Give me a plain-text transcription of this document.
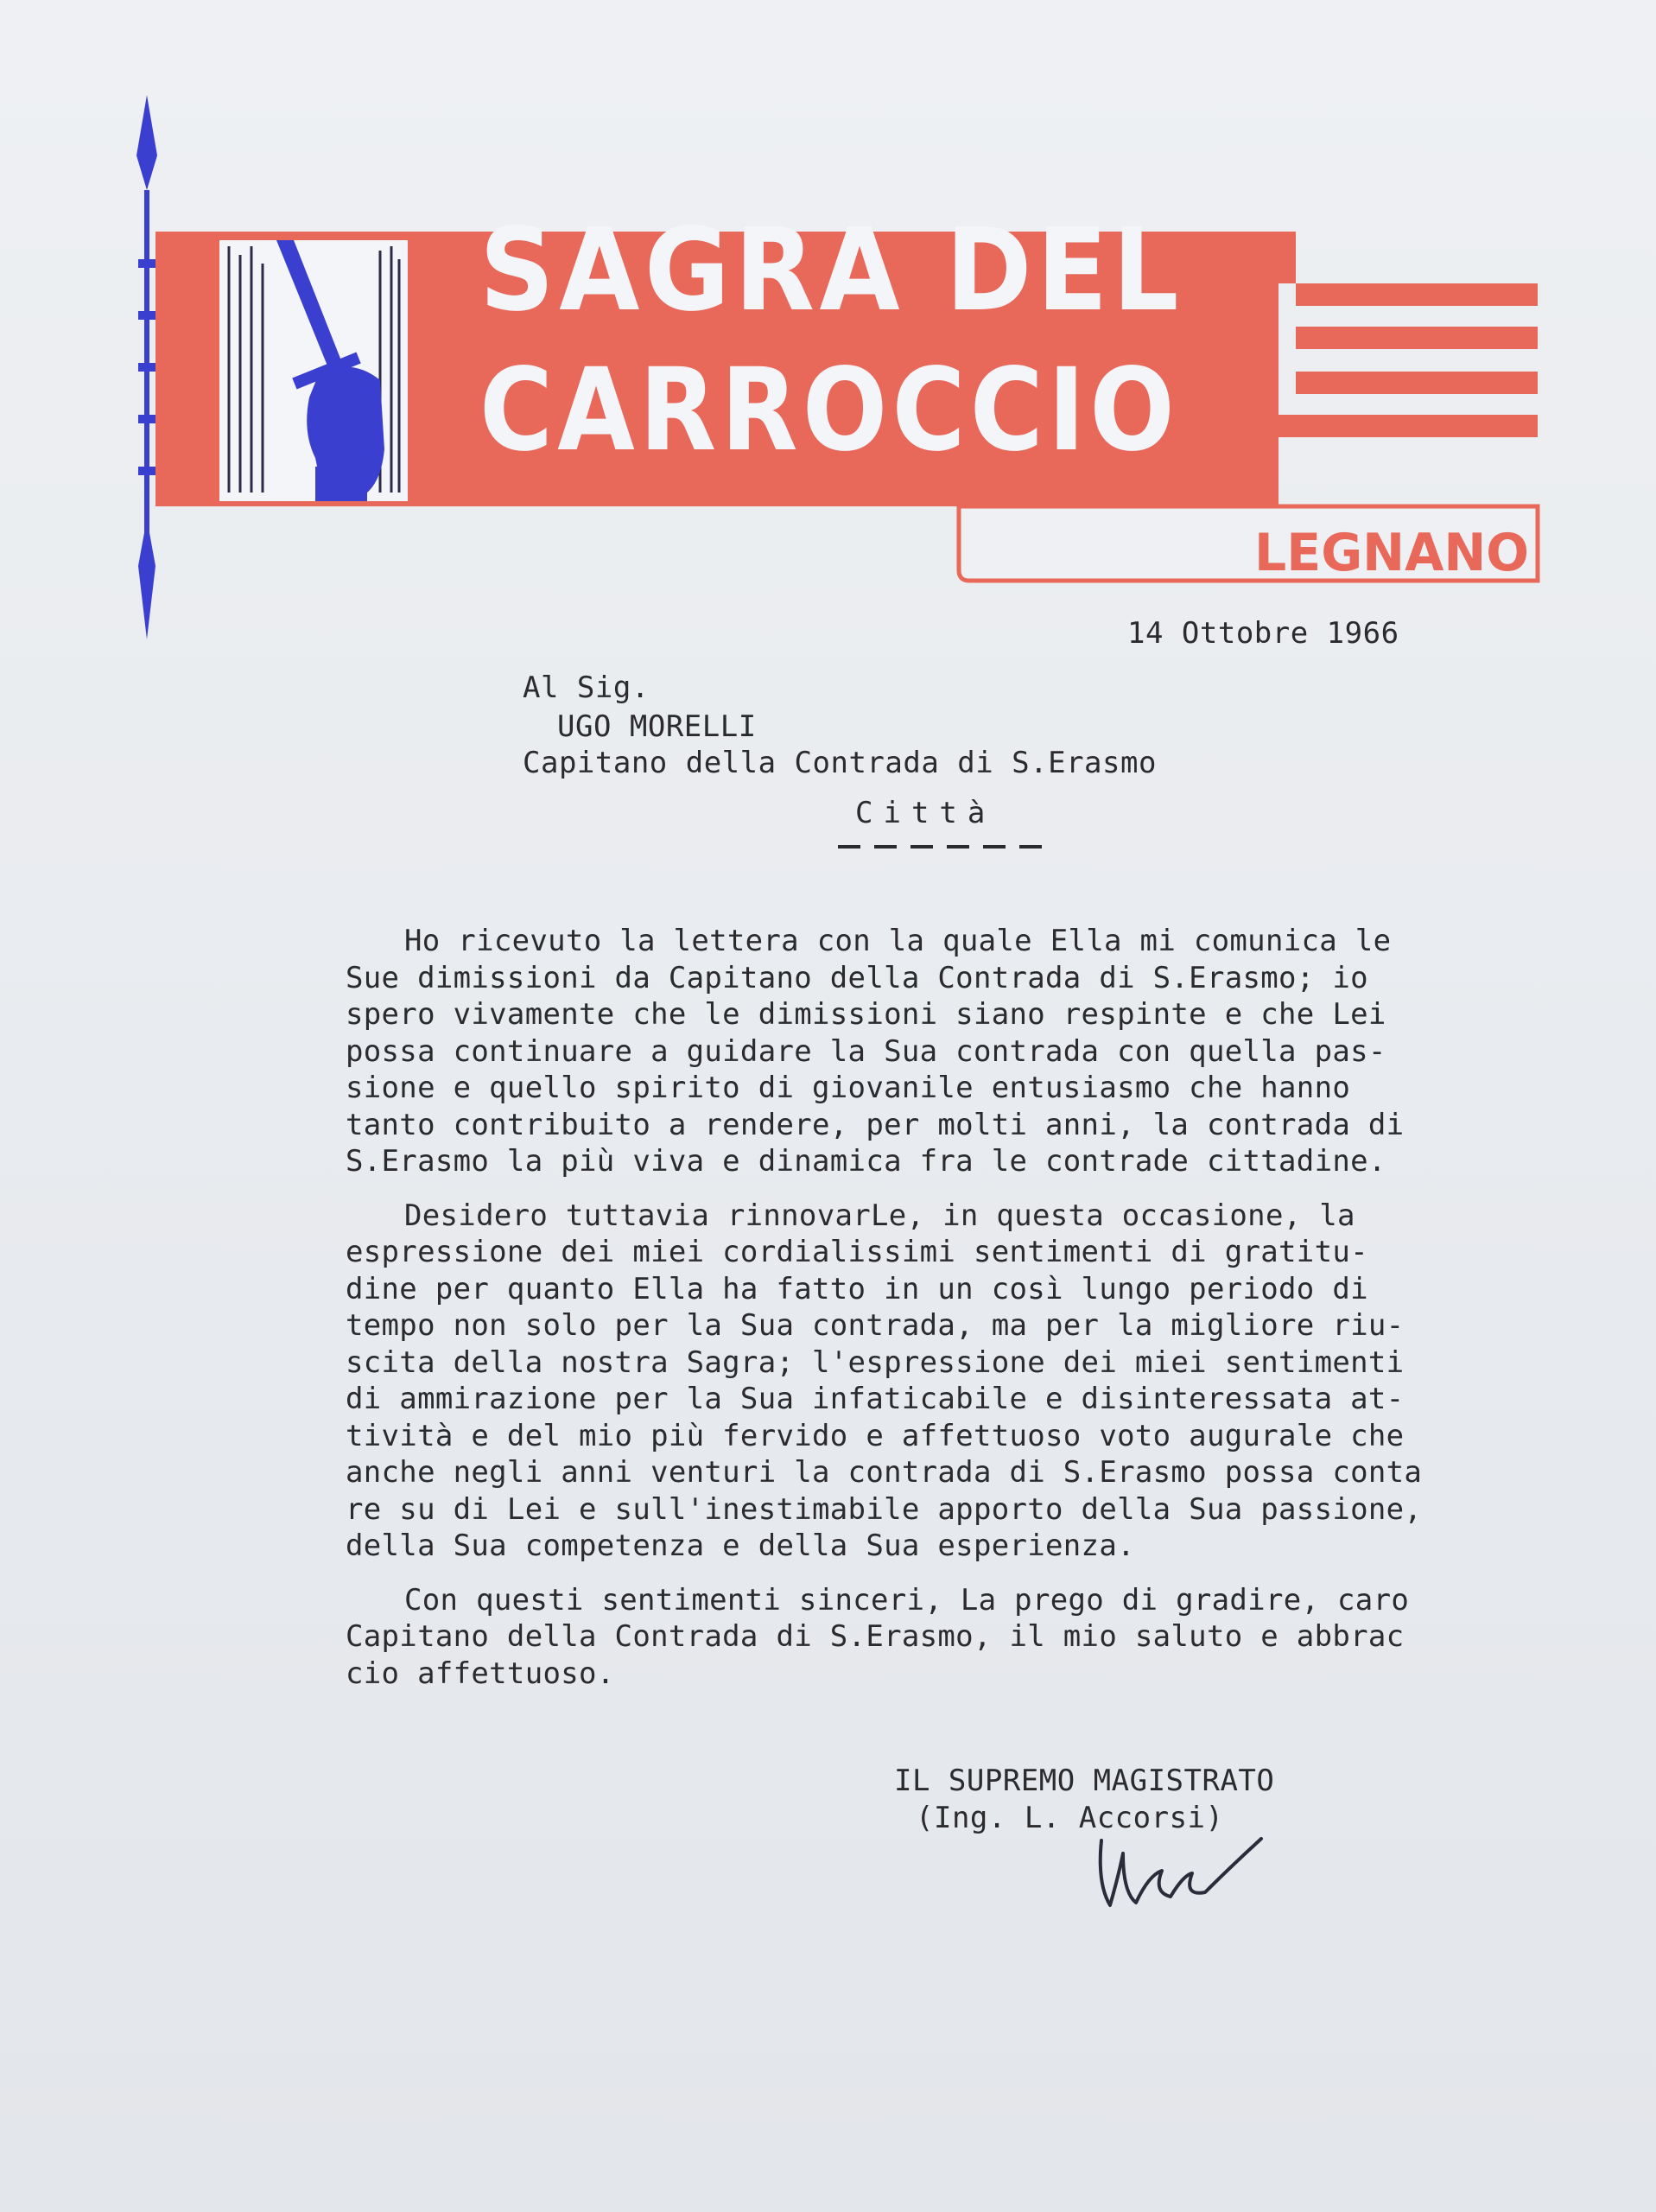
SAGRA DEL
CARROCCIO
LEGNANO
14 Ottobre 1966
Al Sig.
UGO MORELLI
Capitano della Contrada di S.Erasmo
Città
Ho ricevuto la lettera con la quale Ella mi comunica le
Sue dimissioni da Capitano della Contrada di S.Erasmo; io
spero vivamente che le dimissioni siano respinte e che Lei
possa continuare a guidare la Sua contrada con quella pas-
sione e quello spirito di giovanile entusiasmo che hanno
tanto contribuito a rendere, per molti anni, la contrada di
S.Erasmo la più viva e dinamica fra le contrade cittadine.
Desidero tuttavia rinnovarLe, in questa occasione, la
espressione dei miei cordialissimi sentimenti di gratitu-
dine per quanto Ella ha fatto in un così lungo periodo di
tempo non solo per la Sua contrada, ma per la migliore riu-
scita della nostra Sagra; l'espressione dei miei sentimenti
di ammirazione per la Sua infaticabile e disinteressata at-
tività e del mio più fervido e affettuoso voto augurale che
anche negli anni venturi la contrada di S.Erasmo possa conta
re su di Lei e sull'inestimabile apporto della Sua passione,
della Sua competenza e della Sua esperienza.
Con questi sentimenti sinceri, La prego di gradire, caro
Capitano della Contrada di S.Erasmo, il mio saluto e abbrac
cio affettuoso.
IL SUPREMO MAGISTRATO
(Ing. L. Accorsi)
